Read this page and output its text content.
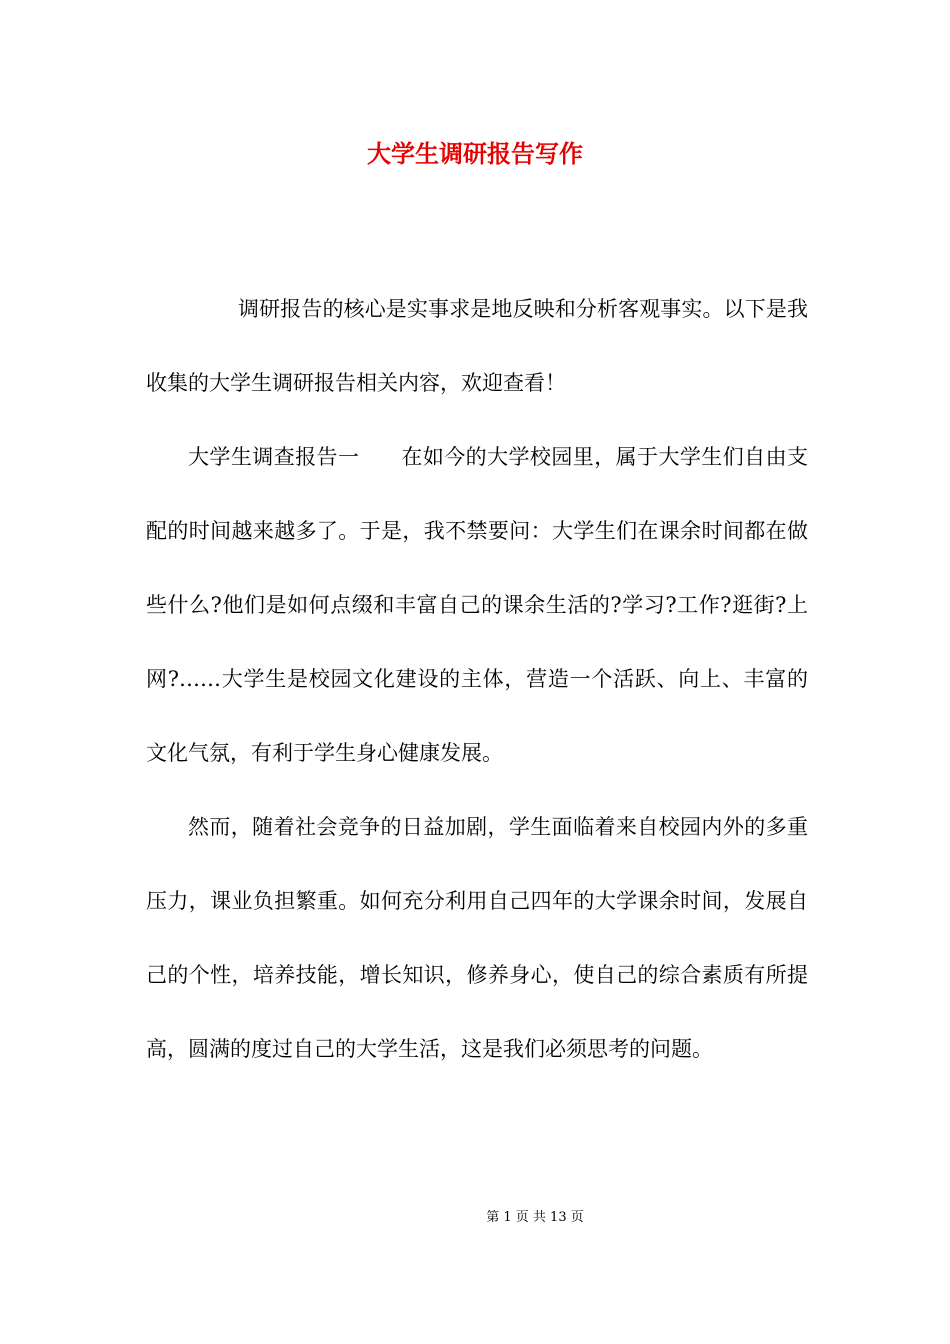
大学生调研报告写作

调研报告的核心是实事求是地反映和分析客观事实。以下是我收集的大学生调研报告相关内容，欢迎查看！

大学生调查报告一 在如今的大学校园里，属于大学生们自由支配的时间越来越多了。于是，我不禁要问：大学生们在课余时间都在做些什么?他们是如何点缀和丰富自己的课余生活的?学习?工作?逛街?上网?……大学生是校园文化建设的主体，营造一个活跃、向上、丰富的文化气氛，有利于学生身心健康发展。

然而，随着社会竞争的日益加剧，学生面临着来自校园内外的多重压力，课业负担繁重。如何充分利用自己四年的大学课余时间，发展自己的个性，培养技能，增长知识，修养身心，使自己的综合素质有所提高，圆满的度过自己的大学生活，这是我们必须思考的问题。

第 1 页 共 13 页
